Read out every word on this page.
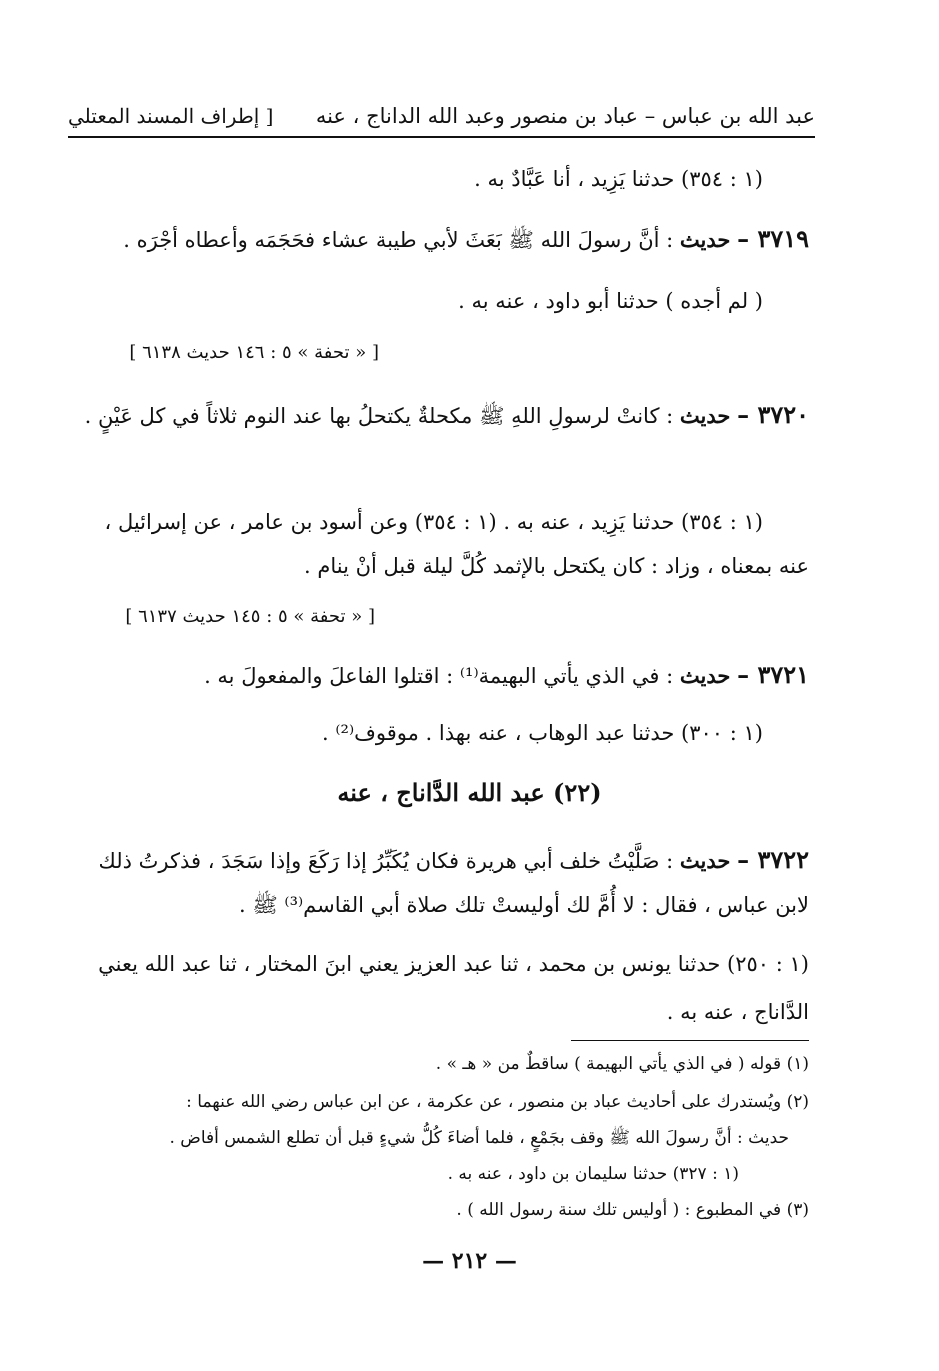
عبد الله بن عباس – عباد بن منصور وعبد الله الداناج ، عنه
[ إطراف المسند المعتلي
(١ : ٣٥٤) حدثنا يَزِيد ، أنا عَبَّادٌ به .
٣٧١٩ – حديث : أنَّ رسولَ الله ﷺ بَعَثَ لأبي طيبة عشاء فحَجَمَه وأعطاه أجْرَه .
( لم أجده ) حدثنا أبو داود ، عنه به .
[ « تحفة » ٥ : ١٤٦ حديث ٦١٣٨ ]
٣٧٢٠ – حديث : كانتْ لرسولِ اللهِ ﷺ مكحلةٌ يكتحلُ بها عند النوم ثلاثاً في كل عَيْنٍ .
(١ : ٣٥٤) حدثنا يَزِيد ، عنه به . (١ : ٣٥٤) وعن أسود بن عامر ، عن إسرائيل ، عنه بمعناه ، وزاد : كان يكتحل بالإثمد كُلَّ ليلة قبل أنْ ينام .
[ « تحفة » ٥ : ١٤٥ حديث ٦١٣٧ ]
٣٧٢١ – حديث : في الذي يأتي البهيمة⁽¹⁾ : اقتلوا الفاعلَ والمفعولَ به .
(١ : ٣٠٠) حدثنا عبد الوهاب ، عنه بهذا . موقوف⁽²⁾ .
(٢٢) عبد الله الدَّاناج ، عنه
٣٧٢٢ – حديث : صَلَّيْتُ خلف أبي هريرة فكان يُكَبِّرُ إذا رَكَعَ وإذا سَجَدَ ، فذكرتُ ذلك لابن عباس ، فقال : لا أُمَّ لك أوليستْ تلك صلاة أبي القاسم⁽³⁾ ﷺ .
(١ : ٢٥٠) حدثنا يونس بن محمد ، ثنا عبد العزيز يعني ابنَ المختار ، ثنا عبد الله يعني الدَّاناج ، عنه به .
(١) قوله ( في الذي يأتي البهيمة ) ساقطٌ من « هـ » .
(٢) ويُستدرك على أحاديث عباد بن منصور ، عن عكرمة ، عن ابن عباس رضي الله عنهما :
حديث : أنَّ رسولَ الله ﷺ وقف بجَمْعٍ ، فلما أضاءَ كُلُّ شيءٍ قبل أن تطلع الشمس أفاض .
(١ : ٣٢٧) حدثنا سليمان بن داود ، عنه به .
(٣) في المطبوع : ( أوليس تلك سنة رسول الله ) .
— ٢١٢ —
